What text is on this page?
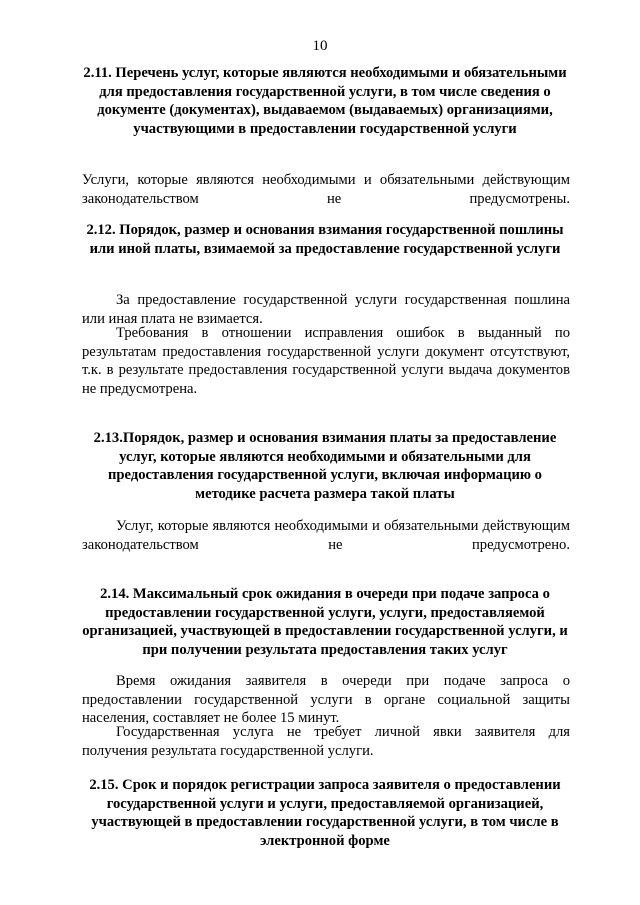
10
2.11. Перечень услуг, которые являются необходимыми и обязательными для предоставления государственной услуги, в том числе сведения о документе (документах), выдаваемом (выдаваемых) организациями, участвующими в предоставлении государственной услуги
Услуги, которые являются необходимыми и обязательными действующим законодательством не предусмотрены.
2.12. Порядок, размер и основания взимания государственной пошлины или иной платы, взимаемой за предоставление государственной услуги
За предоставление государственной услуги государственная пошлина или иная плата не взимается.
Требования в отношении исправления ошибок в выданный по результатам предоставления государственной услуги документ отсутствуют, т.к. в результате предоставления государственной услуги выдача документов не предусмотрена.
2.13.Порядок, размер и основания взимания платы за предоставление услуг, которые являются необходимыми и обязательными для предоставления государственной услуги, включая информацию о методике расчета размера такой платы
Услуг, которые являются необходимыми и обязательными действующим законодательством не предусмотрено.
2.14. Максимальный срок ожидания в очереди при подаче запроса о предоставлении государственной услуги, услуги, предоставляемой организацией, участвующей в предоставлении государственной услуги, и при получении результата предоставления таких услуг
Время ожидания заявителя в очереди при подаче запроса о предоставлении государственной услуги в органе социальной защиты населения, составляет не более 15 минут.
Государственная услуга не требует личной явки заявителя для получения результата государственной услуги.
2.15. Срок и порядок регистрации запроса заявителя о предоставлении государственной услуги и услуги, предоставляемой организацией, участвующей в предоставлении государственной услуги, в том числе в электронной форме
